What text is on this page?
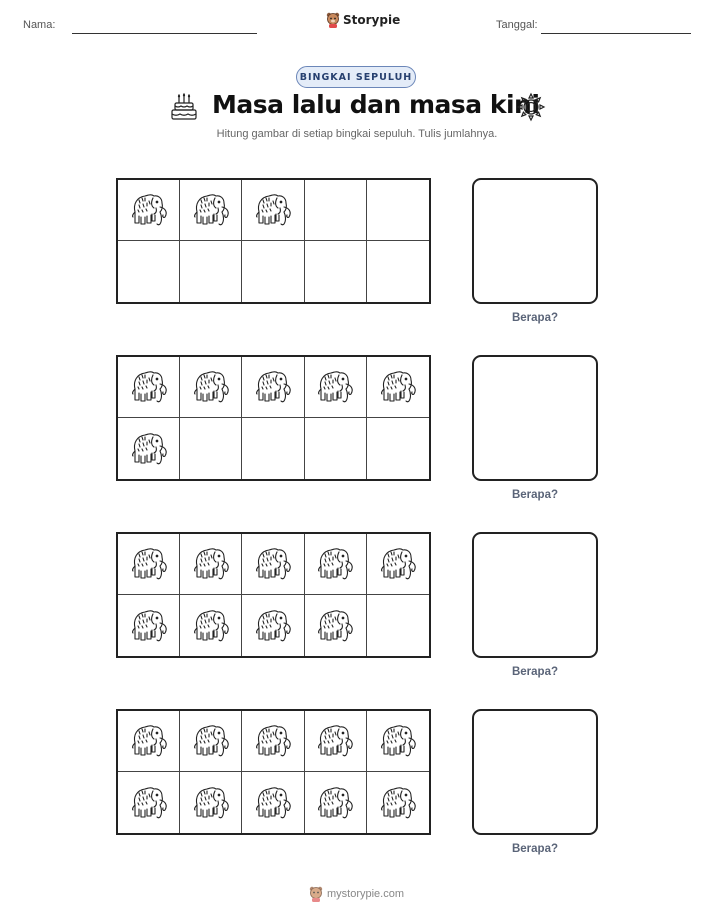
Nama:	Storypie	Tanggal:
BINGKAI SEPULUH
Masa lalu dan masa kini
Hitung gambar di setiap bingkai sepuluh. Tulis jumlahnya.
Berapa?
Berapa?
Berapa?
Berapa?
mystorypie.com
